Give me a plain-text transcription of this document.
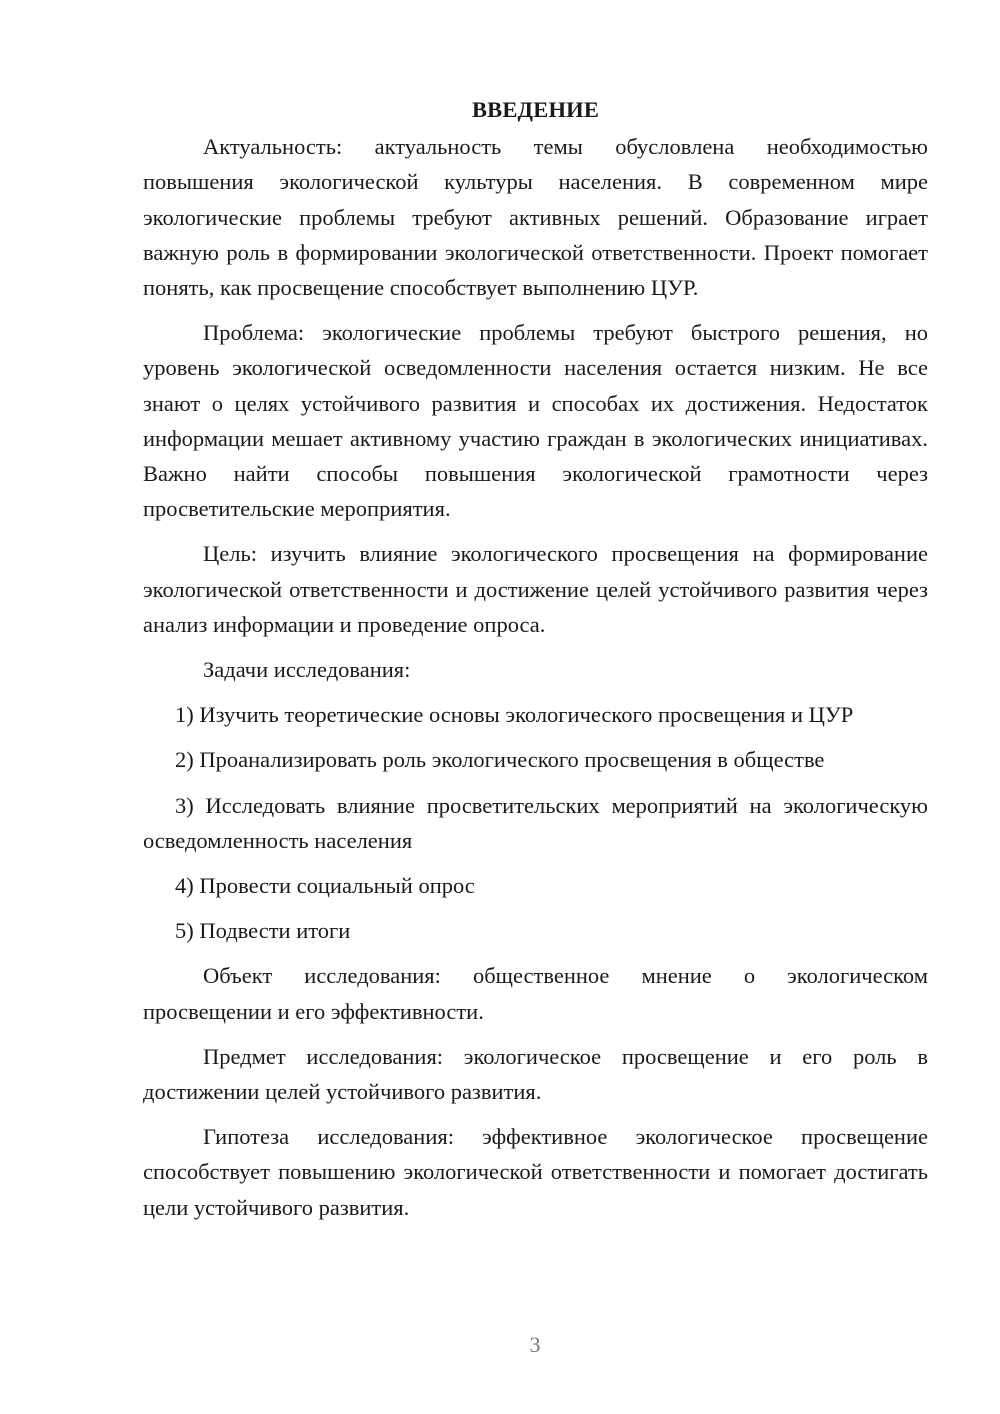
ВВЕДЕНИЕ

Актуальность: актуальность темы обусловлена необходимостью повышения экологической культуры населения. В современном мире экологические проблемы требуют активных решений. Образование играет важную роль в формировании экологической ответственности. Проект помогает понять, как просвещение способствует выполнению ЦУР.

Проблема: экологические проблемы требуют быстрого решения, но уровень экологической осведомленности населения остается низким. Не все знают о целях устойчивого развития и способах их достижения. Недостаток информации мешает активному участию граждан в экологических инициативах. Важно найти способы повышения экологической грамотности через просветительские мероприятия.

Цель: изучить влияние экологического просвещения на формирование экологической ответственности и достижение целей устойчивого развития через анализ информации и проведение опроса.

Задачи исследования:

1) Изучить теоретические основы экологического просвещения и ЦУР

2) Проанализировать роль экологического просвещения в обществе

3) Исследовать влияние просветительских мероприятий на экологическую осведомленность населения

4) Провести социальный опрос

5) Подвести итоги

Объект исследования: общественное мнение о экологическом просвещении и его эффективности.

Предмет исследования: экологическое просвещение и его роль в достижении целей устойчивого развития.

Гипотеза исследования: эффективное экологическое просвещение способствует повышению экологической ответственности и помогает достигать цели устойчивого развития.

3
